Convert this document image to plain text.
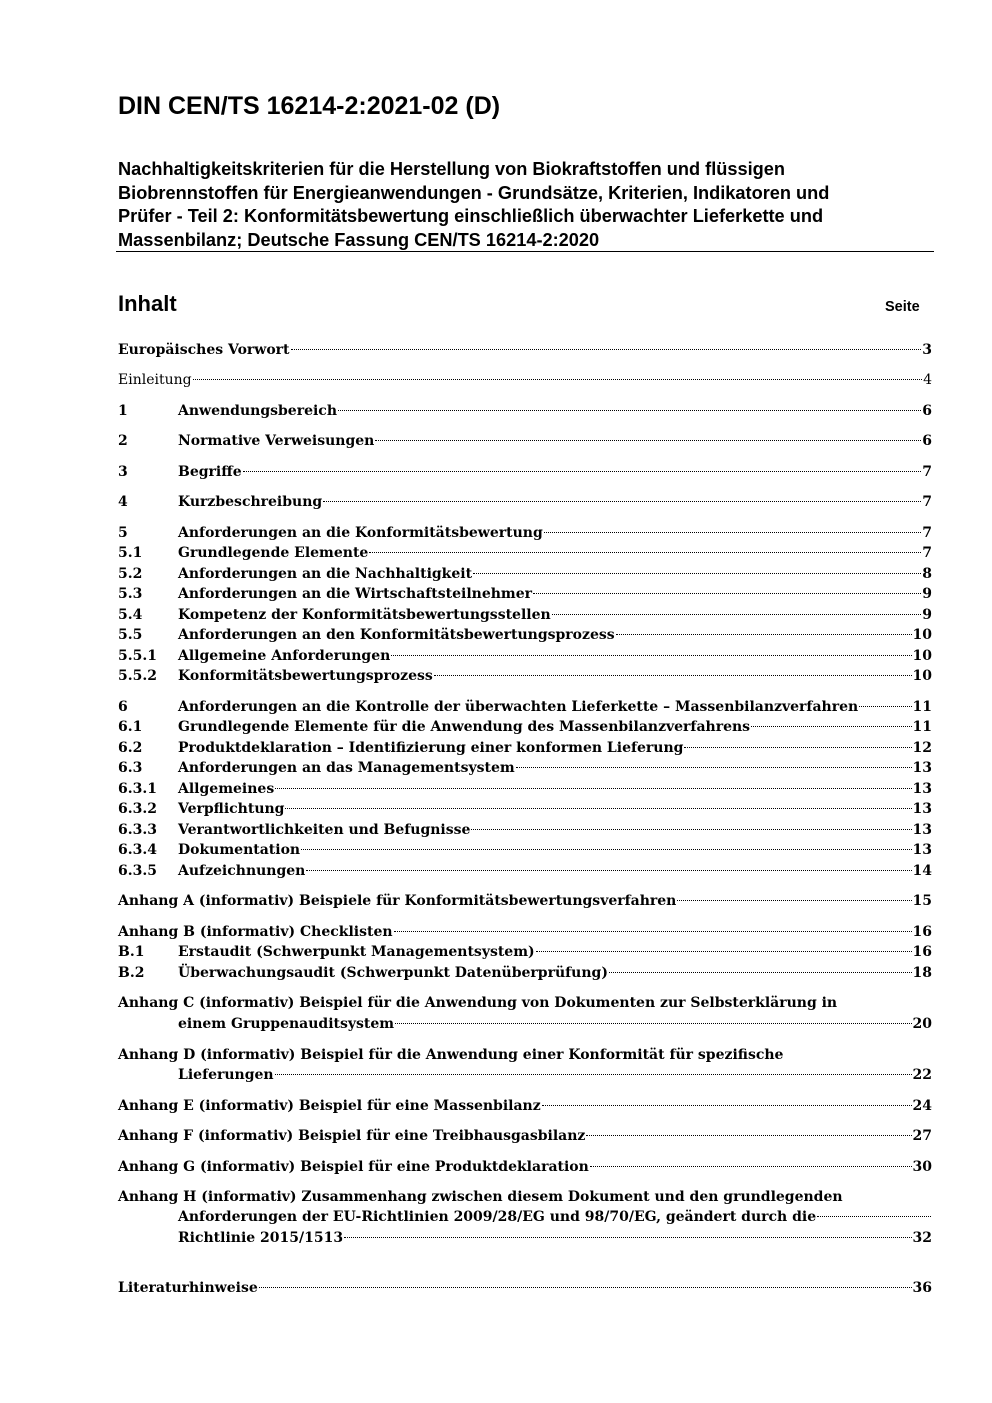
DIN CEN/TS 16214-2:2021-02 (D)
Nachhaltigkeitskriterien für die Herstellung von Biokraftstoffen und flüssigen
Biobrennstoffen für Energieanwendungen - Grundsätze, Kriterien, Indikatoren und
Prüfer - Teil 2: Konformitätsbewertung einschließlich überwachter Lieferkette und
Massenbilanz; Deutsche Fassung CEN/TS 16214-2:2020
Inhalt	Seite
Europäisches Vorwort	3
Einleitung	4
1	Anwendungsbereich	6
2	Normative Verweisungen	6
3	Begriffe	7
4	Kurzbeschreibung	7
5	Anforderungen an die Konformitätsbewertung	7
5.1	Grundlegende Elemente	7
5.2	Anforderungen an die Nachhaltigkeit	8
5.3	Anforderungen an die Wirtschaftsteilnehmer	9
5.4	Kompetenz der Konformitätsbewertungsstellen	9
5.5	Anforderungen an den Konformitätsbewertungsprozess	10
5.5.1	Allgemeine Anforderungen	10
5.5.2	Konformitätsbewertungsprozess	10
6	Anforderungen an die Kontrolle der überwachten Lieferkette – Massenbilanzverfahren	11
6.1	Grundlegende Elemente für die Anwendung des Massenbilanzverfahrens	11
6.2	Produktdeklaration – Identifizierung einer konformen Lieferung	12
6.3	Anforderungen an das Managementsystem	13
6.3.1	Allgemeines	13
6.3.2	Verpflichtung	13
6.3.3	Verantwortlichkeiten und Befugnisse	13
6.3.4	Dokumentation	13
6.3.5	Aufzeichnungen	14
Anhang A (informativ) Beispiele für Konformitätsbewertungsverfahren	15
Anhang B (informativ) Checklisten	16
B.1	Erstaudit (Schwerpunkt Managementsystem)	16
B.2	Überwachungsaudit (Schwerpunkt Datenüberprüfung)	18
Anhang C (informativ) Beispiel für die Anwendung von Dokumenten zur Selbsterklärung in
einem Gruppenauditsystem	20
Anhang D (informativ) Beispiel für die Anwendung einer Konformität für spezifische
Lieferungen	22
Anhang E (informativ) Beispiel für eine Massenbilanz	24
Anhang F (informativ) Beispiel für eine Treibhausgasbilanz	27
Anhang G (informativ) Beispiel für eine Produktdeklaration	30
Anhang H (informativ) Zusammenhang zwischen diesem Dokument und den grundlegenden
Anforderungen der EU-Richtlinien 2009/28/EG und 98/70/EG, geändert durch die
Richtlinie 2015/1513	32
Literaturhinweise	36
